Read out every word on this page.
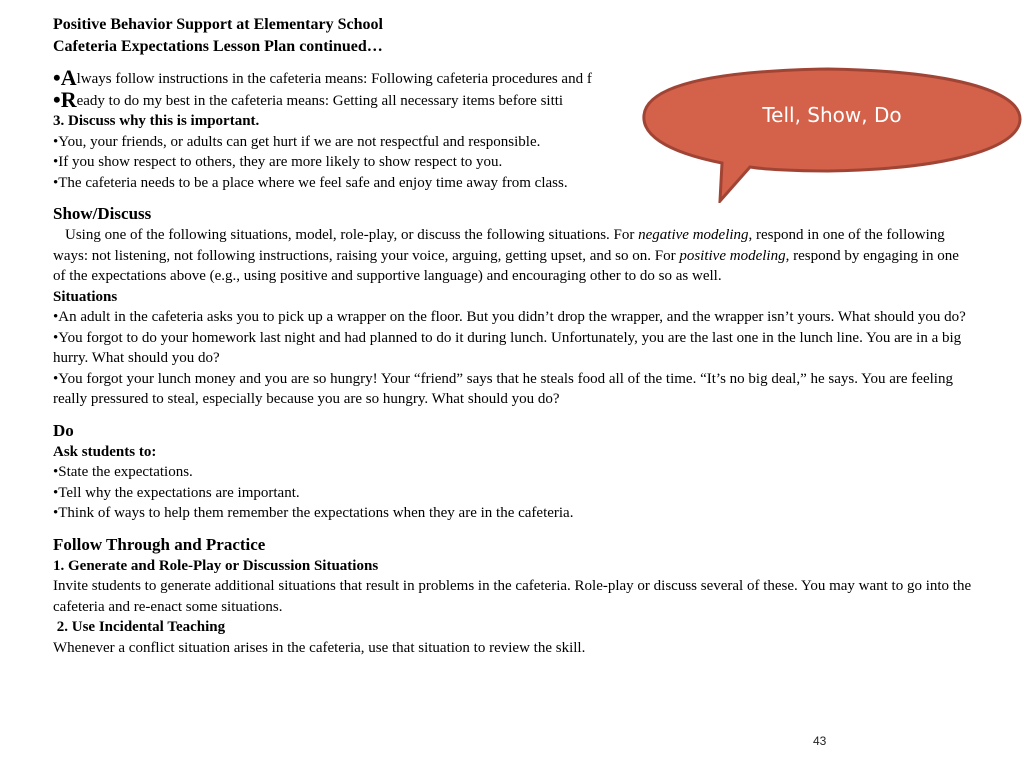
Positive Behavior Support at Elementary School

Cafeteria Expectations Lesson Plan continued…

•Always follow instructions in the cafeteria means: Following cafeteria procedures and f

•Ready to do my best in the cafeteria means: Getting all necessary items before sitti

3. Discuss why this is important.

•You, your friends, or adults can get hurt if we are not respectful and responsible.

•If you show respect to others, they are more likely to show respect to you.

•The cafeteria needs to be a place where we feel safe and enjoy time away from class.

Show/Discuss

Using one of the following situations, model, role-play, or discuss the following situations. For negative modeling, respond in one of the following ways: not listening, not following instructions, raising your voice, arguing, getting upset, and so on. For positive modeling, respond by engaging in one of the expectations above (e.g., using positive and supportive language) and encouraging other to do so as well.

Situations

•An adult in the cafeteria asks you to pick up a wrapper on the floor. But you didn’t drop the wrapper, and the wrapper isn’t yours. What should you do?

•You forgot to do your homework last night and had planned to do it during lunch. Unfortunately, you are the last one in the lunch line. You are in a big hurry. What should you do?

•You forgot your lunch money and you are so hungry! Your “friend” says that he steals food all of the time. “It’s no big deal,” he says. You are feeling really pressured to steal, especially because you are so hungry. What should you do?

Do

Ask students to:

•State the expectations.

•Tell why the expectations are important.

•Think of ways to help them remember the expectations when they are in the cafeteria.

Follow Through and Practice

1. Generate and Role-Play or Discussion Situations

Invite students to generate additional situations that result in problems in the cafeteria. Role-play or discuss several of these. You may want to go into the cafeteria and re-enact some situations.

2. Use Incidental Teaching

Whenever a conflict situation arises in the cafeteria, use that situation to review the skill.

Tell, Show, Do
43
